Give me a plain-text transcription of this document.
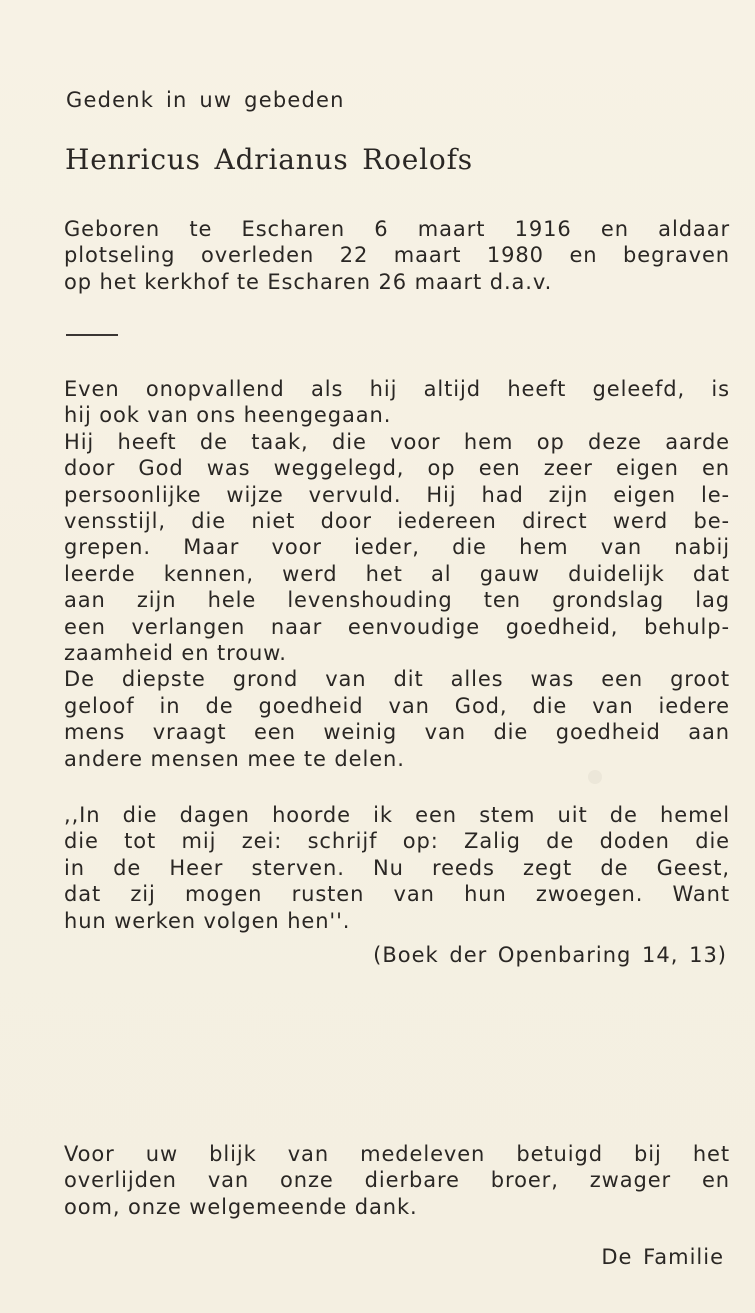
Gedenk in uw gebeden
Henricus Adrianus Roelofs
Geboren te Escharen 6 maart 1916 en aldaar
plotseling overleden 22 maart 1980 en begraven
op het kerkhof te Escharen 26 maart d.a.v.
Even onopvallend als hij altijd heeft geleefd, is
hij ook van ons heengegaan.
Hij heeft de taak, die voor hem op deze aarde
door God was weggelegd, op een zeer eigen en
persoonlijke wijze vervuld. Hij had zijn eigen le-
vensstijl, die niet door iedereen direct werd be-
grepen. Maar voor ieder, die hem van nabij
leerde kennen, werd het al gauw duidelijk dat
aan zijn hele levenshouding ten grondslag lag
een verlangen naar eenvoudige goedheid, behulp-
zaamheid en trouw.
De diepste grond van dit alles was een groot
geloof in de goedheid van God, die van iedere
mens vraagt een weinig van die goedheid aan
andere mensen mee te delen.
,,In die dagen hoorde ik een stem uit de hemel
die tot mij zei: schrijf op: Zalig de doden die
in de Heer sterven. Nu reeds zegt de Geest,
dat zij mogen rusten van hun zwoegen. Want
hun werken volgen hen''.
(Boek der Openbaring 14, 13)
Voor uw blijk van medeleven betuigd bij het
overlijden van onze dierbare broer, zwager en
oom, onze welgemeende dank.
De Familie
